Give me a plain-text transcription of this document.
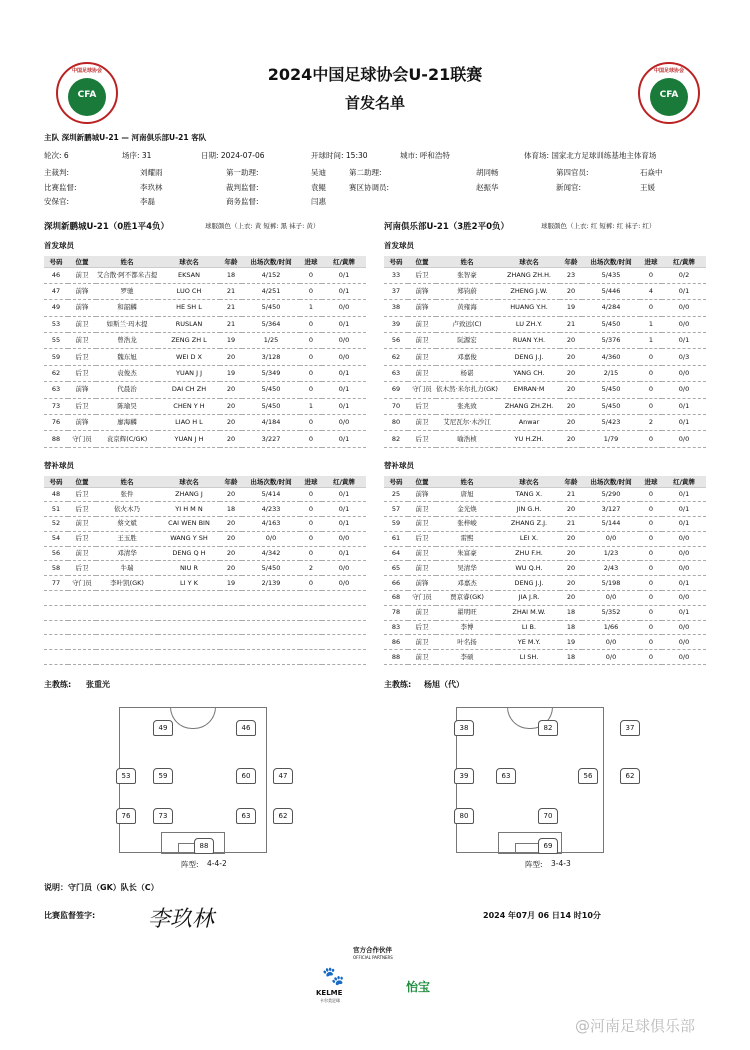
中国足球协会
CFA
中国足球协会
CFA
2024中国足球协会U-21联赛
首发名单
主队 深圳新鹏城U-21 — 河南俱乐部U-21 客队
轮次: 6	场序: 31	日期: 2024-07-06	开球时间: 15:30	城市: 呼和浩特	体育场: 国家北方足球训练基地主体育场
主裁判:	刘耀雨	第一助理:	吴迪	第二助理:	胡同畅	第四官员:	石焱中
比赛监督:	李玖林	裁判监督:	袁鲲	赛区协调员:	赵振华	新闻官:	王媛
安保官:	李磊	商务监督:	闫惠
深圳新鹏城U-21（0胜1平4负）	球服颜色（上衣: 黄 短裤: 黑 袜子: 黄）	河南俱乐部U-21（3胜2平0负）	球服颜色（上衣: 红 短裤: 红 袜子: 红）
首发球员	首发球员
号码	位置	姓名	球衣名	年龄	出场次数/时间	进球	红/黄牌
46	前卫	艾合散·阿不都米吉提	EKSAN	18	4/152	0	0/1
47	前锋	罗驰	LUO CH	21	4/251	0	0/1
49	前锋	和韶麟	HE SH L	21	5/450	1	0/0
53	前卫	如斯兰·玛木提	RUSLAN	21	5/364	0	0/1
55	前卫	曾浩龙	ZENG ZH L	19	1/25	0	0/0
59	后卫	魏东旭	WEI D X	20	3/128	0	0/0
62	后卫	袁俊杰	YUAN J J	19	5/349	0	0/1
63	前锋	代晨治	DAI CH ZH	20	5/450	0	0/1
73	后卫	陈瑜昊	CHEN Y H	20	5/450	1	0/1
76	前锋	廖海麟	LIAO H L	20	4/184	0	0/0
88	守门员	袁京辉(C/GK)	YUAN J H	20	3/227	0	0/1
号码	位置	姓名	球衣名	年龄	出场次数/时间	进球	红/黄牌
33	后卫	张智豪	ZHANG ZH.H.	23	5/435	0	0/2
37	前锋	郑钧蔚	ZHENG J.W.	20	5/446	4	0/1
38	前锋	黄雍海	HUANG Y.H.	19	4/284	0	0/0
39	前卫	卢致远(C)	LU ZH.Y.	21	5/450	1	0/0
56	前卫	阮源宏	RUAN Y.H.	20	5/376	1	0/1
62	前卫	邓嘉俊	DENG J.J.	20	4/360	0	0/3
63	前卫	杨谌	YANG CH.	20	2/15	0	0/0
69	守门员	依木然·米尔扎力(GK)	EMRAN·M	20	5/450	0	0/0
70	后卫	张兆致	ZHANG ZH.ZH.	20	5/450	0	0/1
80	前卫	艾尼瓦尔·木沙江	Anwar	20	5/423	2	0/1
82	后卫	喻浩桢	YU H.ZH.	20	1/79	0	0/0
替补球员	替补球员
号码	位置	姓名	球衣名	年龄	出场次数/时间	进球	红/黄牌
48	后卫	张件	ZHANG J	20	5/414	0	0/1
51	后卫	依火木乃	YI H M N	18	4/233	0	0/1
52	前卫	蔡文斌	CAI WEN BIN	20	4/163	0	0/1
54	后卫	王玉胜	WANG Y SH	20	0/0	0	0/0
56	前卫	邓清华	DENG Q H	20	4/342	0	0/1
58	后卫	牛瑞	NIU R	20	5/450	2	0/0
77	守门员	李叶凯(GK)	LI Y K	19	2/139	0	0/0

号码	位置	姓名	球衣名	年龄	出场次数/时间	进球	红/黄牌
25	前锋	唐旭	TANG X.	21	5/290	0	0/1
57	前卫	金光焕	JIN G.H.	20	3/127	0	0/1
59	前卫	张梓峻	ZHANG Z.J.	21	5/144	0	0/1
61	后卫	雷熙	LEI X.	20	0/0	0	0/0
64	前卫	朱富豪	ZHU F.H.	20	1/23	0	0/0
65	前卫	吴清华	WU Q.H.	20	2/43	0	0/0
66	前锋	邓嘉杰	DENG J.J.	20	5/198	0	0/1
68	守门员	贾京睿(GK)	JIA J.R.	20	0/0	0	0/0
78	前卫	翟明旺	ZHAI M.W.	18	5/352	0	0/1
83	后卫	李博	LI B.	18	1/66	0	0/0
86	前卫	叶名扬	YE M.Y.	19	0/0	0	0/0
88	前卫	李硕	LI SH.	18	0/0	0	0/0
主教练: 张重光	主教练: 杨旭（代）
49	46
53	59	60	47
76	73	63	62
88
38	82	37
39	63	56	62
80	70
69
阵型: 4-4-2	阵型: 3-4-3
说明：守门员（GK）队长（C）
比赛监督签字: 李玖林	2024 年07月 06 日14 时10分
官方合作伙伴
OFFICIAL PARTNERS
🐾
KELME
卡尔美足球
怡宝
@河南足球俱乐部
